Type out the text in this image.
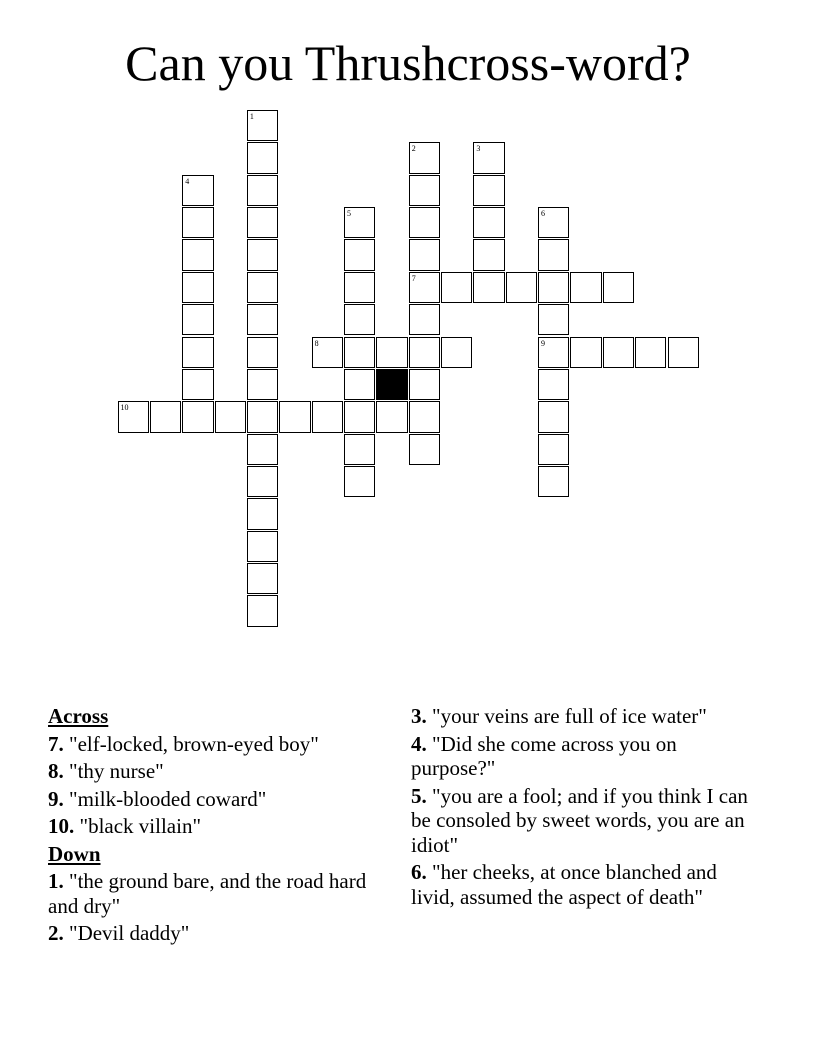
Can you Thrushcross-word?
1
2
7
3
4
5	6
9
8
10
Across
7. "elf-locked, brown-eyed boy"
8. "thy nurse"
9. "milk-blooded coward"
10. "black villain"
Down
1. "the ground bare, and the road hard and dry"
2. "Devil daddy"
3. "your veins are full of ice water"
4. "Did she come across you on purpose?"
5. "you are a fool; and if you think I can be consoled by sweet words, you are an idiot"
6. "her cheeks, at once blanched and livid, assumed the aspect of death"
